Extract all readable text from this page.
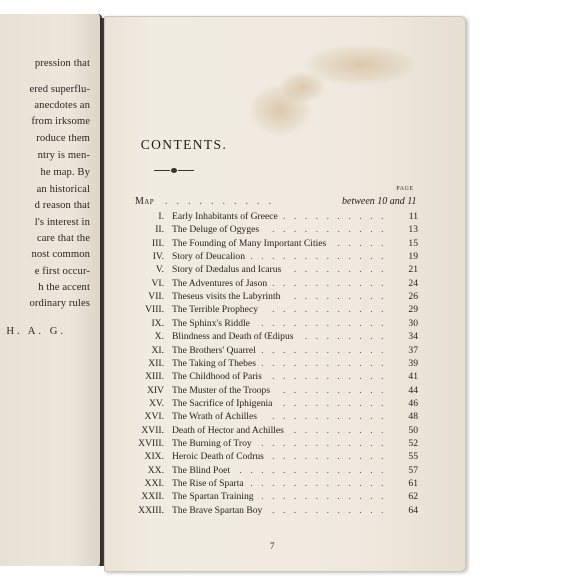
pression that
ered superflu-
anecdotes an
from irksome
roduce them
ntry is men-
he map. By
an historical
d reason that
l's interest in
care that the
nost common
e first occur-
h the accent
ordinary rules
H. A. G.
CONTENTS.
PAGE
Map ..........	between 10 and 11
I. Early Inhabitants of Greece ..........	11
II. The Deluge of Ogyges	...........	13
III. The Founding of Many Important Cities	.....	15
IV. Story of Deucalion .............	19
V. Story of Dædalus and Icarus	.........	21
VI. The Adventures of Jason ...........	24
VII. Theseus visits the Labyrinth	.........	26
VIII. The Terrible Prophecy	...........	29
IX. The Sphinx's Riddle	............	30
X. Blindness and Death of Œdipus	........	34
XI. The Brothers' Quarrel ............	37
XII. The Taking of Thebes ............	39
XIII. The Childhood of Paris	...........	41
XIV The Muster of the Troops	..........	44
XV. The Sacrifice of Iphigenia	..........	46
XVI. The Wrath of Achilles	...........	48
XVII. Death of Hector and Achilles	.........	50
XVIII. The Burning of Troy ............	52
XIX. Heroic Death of Codrus ...........	55
XX. The Blind Poet ..............	57
XXI. The Rise of Sparta .............	61
XXII. The Spartan Training ............	62
XXIII. The Brave Spartan Boy	...........	64
7
